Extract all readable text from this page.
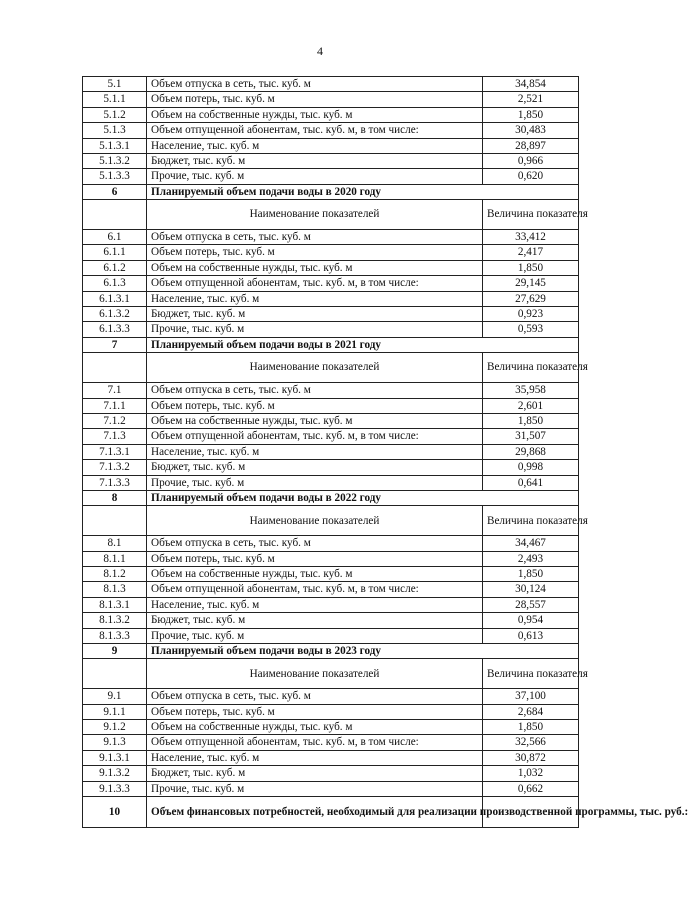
4
5.1	Объем отпуска в сеть, тыс. куб. м	34,854
5.1.1	Объем потерь, тыс. куб. м	2,521
5.1.2	Объем на собственные нужды, тыс. куб. м	1,850
5.1.3	Объем отпущенной абонентам, тыс. куб. м, в том числе:	30,483
5.1.3.1	Население, тыс. куб. м	28,897
5.1.3.2	Бюджет, тыс. куб. м	0,966
5.1.3.3	Прочие, тыс. куб. м	0,620
6	Планируемый объем подачи воды в 2020 году	
	Наименование показателей	Величина показателя
6.1	Объем отпуска в сеть, тыс. куб. м	33,412
6.1.1	Объем потерь, тыс. куб. м	2,417
6.1.2	Объем на собственные нужды, тыс. куб. м	1,850
6.1.3	Объем отпущенной абонентам, тыс. куб. м, в том числе:	29,145
6.1.3.1	Население, тыс. куб. м	27,629
6.1.3.2	Бюджет, тыс. куб. м	0,923
6.1.3.3	Прочие, тыс. куб. м	0,593
7	Планируемый объем подачи воды в 2021 году	
	Наименование показателей	Величина показателя
7.1	Объем отпуска в сеть, тыс. куб. м	35,958
7.1.1	Объем потерь, тыс. куб. м	2,601
7.1.2	Объем на собственные нужды, тыс. куб. м	1,850
7.1.3	Объем отпущенной абонентам, тыс. куб. м, в том числе:	31,507
7.1.3.1	Население, тыс. куб. м	29,868
7.1.3.2	Бюджет, тыс. куб. м	0,998
7.1.3.3	Прочие, тыс. куб. м	0,641
8	Планируемый объем подачи воды в 2022 году	
	Наименование показателей	Величина показателя
8.1	Объем отпуска в сеть, тыс. куб. м	34,467
8.1.1	Объем потерь, тыс. куб. м	2,493
8.1.2	Объем на собственные нужды, тыс. куб. м	1,850
8.1.3	Объем отпущенной абонентам, тыс. куб. м, в том числе:	30,124
8.1.3.1	Население, тыс. куб. м	28,557
8.1.3.2	Бюджет, тыс. куб. м	0,954
8.1.3.3	Прочие, тыс. куб. м	0,613
9	Планируемый объем подачи воды в 2023 году	
	Наименование показателей	Величина показателя
9.1	Объем отпуска в сеть, тыс. куб. м	37,100
9.1.1	Объем потерь, тыс. куб. м	2,684
9.1.2	Объем на собственные нужды, тыс. куб. м	1,850
9.1.3	Объем отпущенной абонентам, тыс. куб. м, в том числе:	32,566
9.1.3.1	Население, тыс. куб. м	30,872
9.1.3.2	Бюджет, тыс. куб. м	1,032
9.1.3.3	Прочие, тыс. куб. м	0,662
10	Объем финансовых потребностей, необходимый для реализации производственной программы, тыс. руб.:	
